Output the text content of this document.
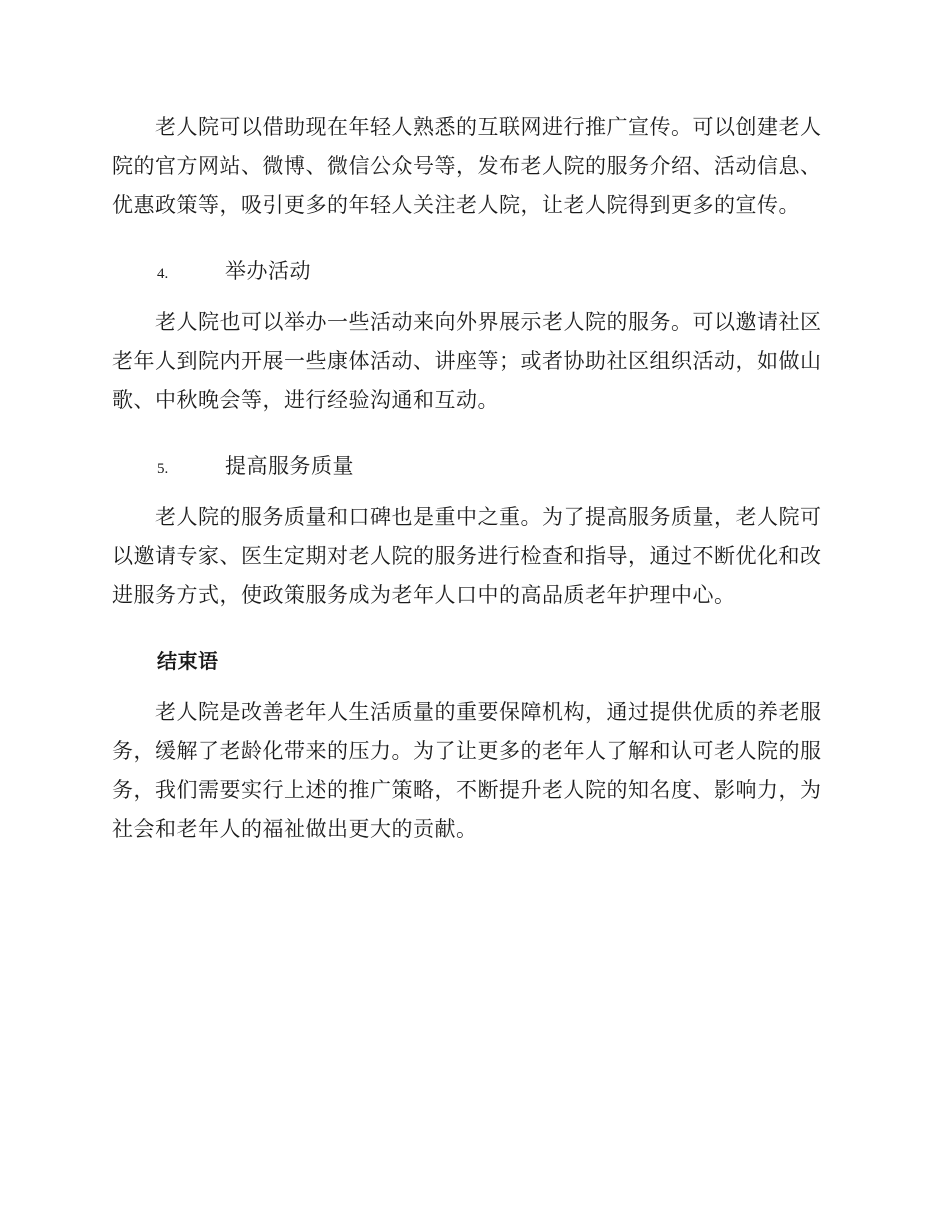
老人院可以借助现在年轻人熟悉的互联网进行推广宣传。可以创建老人院的官方网站、微博、微信公众号等，发布老人院的服务介绍、活动信息、优惠政策等，吸引更多的年轻人关注老人院，让老人院得到更多的宣传。

4.	举办活动

老人院也可以举办一些活动来向外界展示老人院的服务。可以邀请社区老年人到院内开展一些康体活动、讲座等；或者协助社区组织活动，如做山歌、中秋晚会等，进行经验沟通和互动。

5.	提高服务质量

老人院的服务质量和口碑也是重中之重。为了提高服务质量，老人院可以邀请专家、医生定期对老人院的服务进行检查和指导，通过不断优化和改进服务方式，使政策服务成为老年人口中的高品质老年护理中心。

结束语

老人院是改善老年人生活质量的重要保障机构，通过提供优质的养老服务，缓解了老龄化带来的压力。为了让更多的老年人了解和认可老人院的服务，我们需要实行上述的推广策略，不断提升老人院的知名度、影响力，为社会和老年人的福祉做出更大的贡献。
